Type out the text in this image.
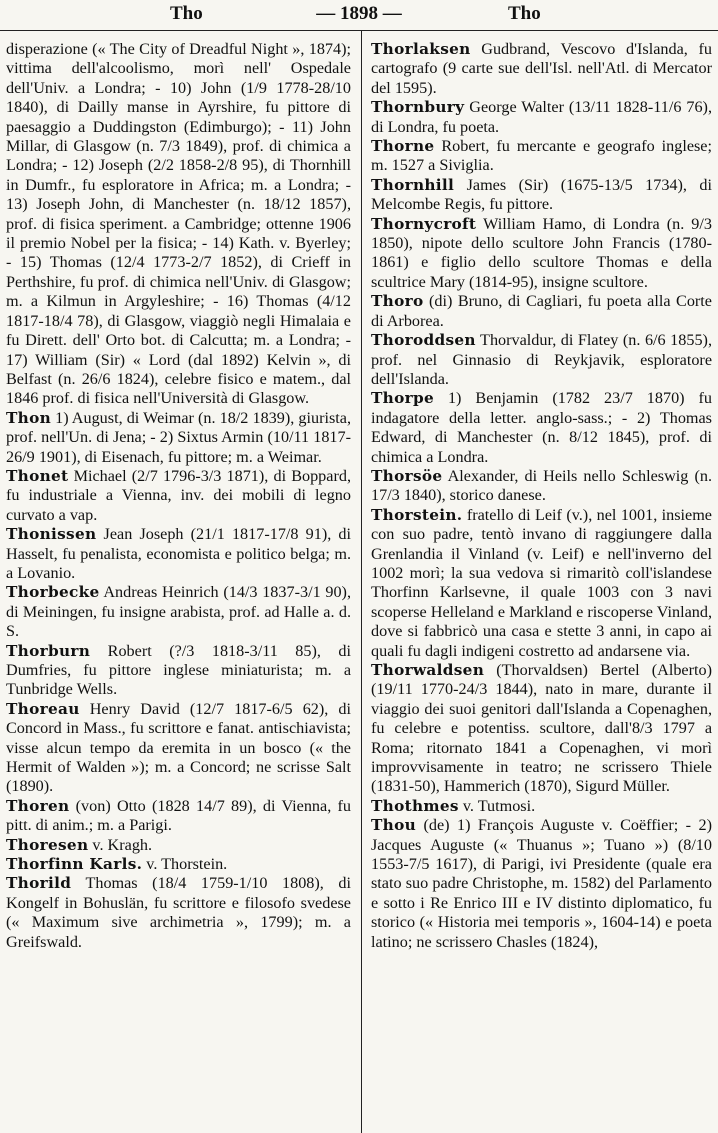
Tho	— 1898 —	Tho
disperazione (« The City of Dreadful Night », 1874); vittima dell'alcoolismo, morì nell' Ospedale dell'Univ. a Londra; - 10) John (1/9 1778-28/10 1840), di Dailly manse in Ayrshire, fu pittore di paesaggio a Duddingston (Edimburgo); - 11) John Millar, di Glasgow (n. 7/3 1849), prof. di chimica a Londra; - 12) Joseph (2/2 1858-2/8 95), di Thornhill in Dumfr., fu esploratore in Africa; m. a Londra; - 13) Joseph John, di Manchester (n. 18/12 1857), prof. di fisica speriment. a Cambridge; ottenne 1906 il premio Nobel per la fisica; - 14) Kath. v. Byerley; - 15) Thomas (12/4 1773-2/7 1852), di Crieff in Perthshire, fu prof. di chimica nell'Univ. di Glasgow; m. a Kilmun in Argyleshire; - 16) Thomas (4/12 1817-18/4 78), di Glasgow, viaggiò negli Himalaia e fu Dirett. dell' Orto bot. di Calcutta; m. a Londra; - 17) William (Sir) « Lord (dal 1892) Kelvin », di Belfast (n. 26/6 1824), celebre fisico e matem., dal 1846 prof. di fisica nell'Università di Glasgow.
Thon 1) August, di Weimar (n. 18/2 1839), giurista, prof. nell'Un. di Jena; - 2) Sixtus Armin (10/11 1817-26/9 1901), di Eisenach, fu pittore; m. a Weimar.
Thonet Michael (2/7 1796-3/3 1871), di Boppard, fu industriale a Vienna, inv. dei mobili di legno curvato a vap.
Thonissen Jean Joseph (21/1 1817-17/8 91), di Hasselt, fu penalista, economista e politico belga; m. a Lovanio.
Thorbecke Andreas Heinrich (14/3 1837-3/1 90), di Meiningen, fu insigne arabista, prof. ad Halle a. d. S.
Thorburn Robert (?/3 1818-3/11 85), di Dumfries, fu pittore inglese miniaturista; m. a Tunbridge Wells.
Thoreau Henry David (12/7 1817-6/5 62), di Concord in Mass., fu scrittore e fanat. antischiavista; visse alcun tempo da eremita in un bosco (« the Hermit of Walden »); m. a Concord; ne scrisse Salt (1890).
Thoren (von) Otto (1828 14/7 89), di Vienna, fu pitt. di anim.; m. a Parigi.
Thoresen v. Kragh.
Thorfinn Karls. v. Thorstein.
Thorild Thomas (18/4 1759-1/10 1808), di Kongelf in Bohuslän, fu scrittore e filosofo svedese (« Maximum sive archimetria », 1799); m. a Greifswald.
Thorlaksen Gudbrand, Vescovo d'Islanda, fu cartografo (9 carte sue dell'Isl. nell'Atl. di Mercator del 1595).
Thornbury George Walter (13/11 1828-11/6 76), di Londra, fu poeta.
Thorne Robert, fu mercante e geografo inglese; m. 1527 a Siviglia.
Thornhill James (Sir) (1675-13/5 1734), di Melcombe Regis, fu pittore.
Thornycroft William Hamo, di Londra (n. 9/3 1850), nipote dello scultore John Francis (1780-1861) e figlio dello scultore Thomas e della scultrice Mary (1814-95), insigne scultore.
Thoro (di) Bruno, di Cagliari, fu poeta alla Corte di Arborea.
Thoroddsen Thorvaldur, di Flatey (n. 6/6 1855), prof. nel Ginnasio di Reykjavik, esploratore dell'Islanda.
Thorpe 1) Benjamin (1782 23/7 1870) fu indagatore della letter. anglo-sass.; - 2) Thomas Edward, di Manchester (n. 8/12 1845), prof. di chimica a Londra.
Thorsöe Alexander, di Heils nello Schleswig (n. 17/3 1840), storico danese.
Thorstein. fratello di Leif (v.), nel 1001, insieme con suo padre, tentò invano di raggiungere dalla Grenlandia il Vinland (v. Leif) e nell'inverno del 1002 morì; la sua vedova si rimaritò coll'islandese Thorfinn Karlsevne, il quale 1003 con 3 navi scoperse Helleland e Markland e riscoperse Vinland, dove si fabbricò una casa e stette 3 anni, in capo ai quali fu dagli indigeni costretto ad andarsene via.
Thorwaldsen (Thorvaldsen) Bertel (Alberto) (19/11 1770-24/3 1844), nato in mare, durante il viaggio dei suoi genitori dall'Islanda a Copenaghen, fu celebre e potentiss. scultore, dall'8/3 1797 a Roma; ritornato 1841 a Copenaghen, vi morì improvvisamente in teatro; ne scrissero Thiele (1831-50), Hammerich (1870), Sigurd Müller.
Thothmes v. Tutmosi.
Thou (de) 1) François Auguste v. Coëffier; - 2) Jacques Auguste (« Thuanus »; Tuano ») (8/10 1553-7/5 1617), di Parigi, ivi Presidente (quale era stato suo padre Christophe, m. 1582) del Parlamento e sotto i Re Enrico III e IV distinto diplomatico, fu storico (« Historia mei temporis », 1604-14) e poeta latino; ne scrissero Chasles (1824),
